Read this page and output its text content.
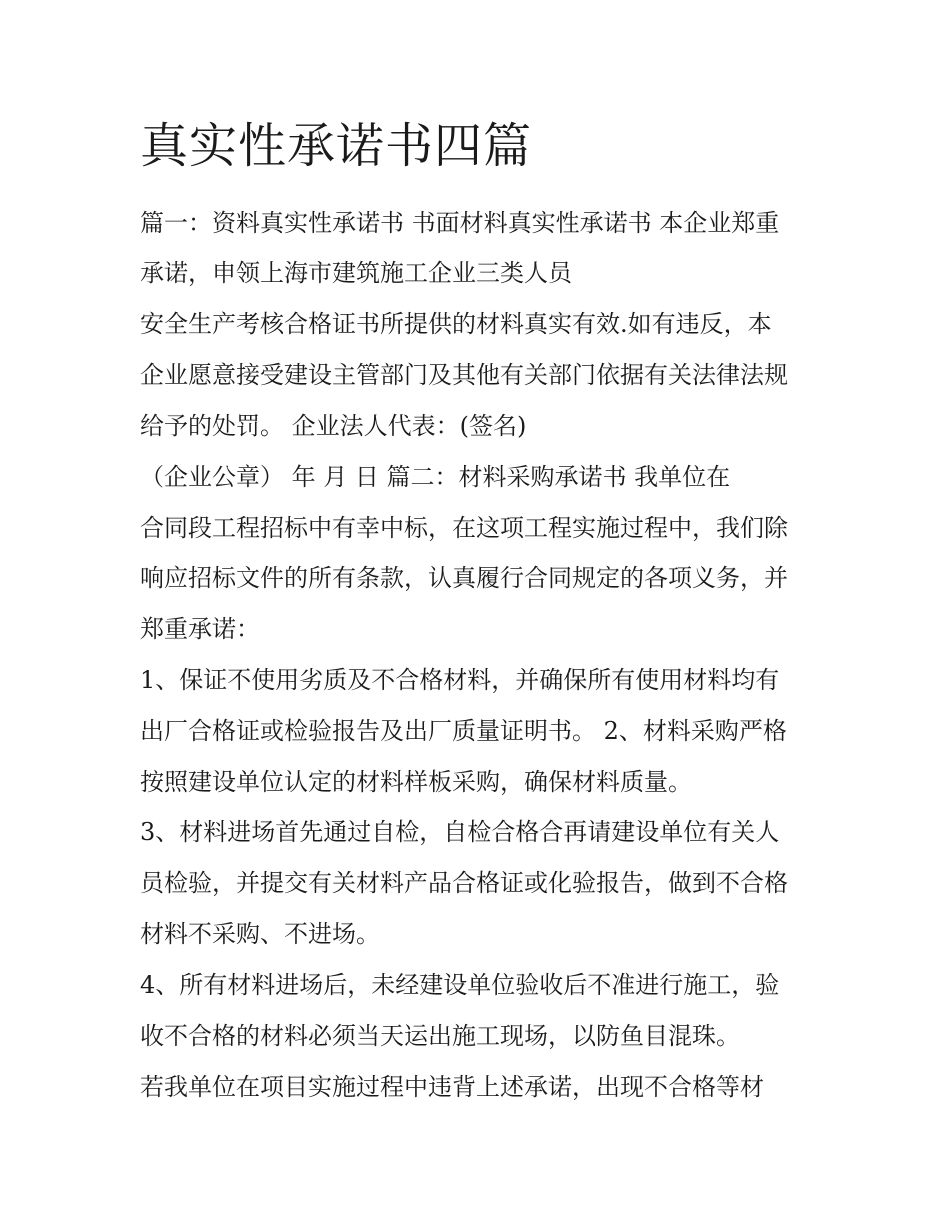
真实性承诺书四篇

篇一：资料真实性承诺书 书面材料真实性承诺书 本企业郑重

承诺，申领上海市建筑施工企业三类人员

安全生产考核合格证书所提供的材料真实有效.如有违反，本

企业愿意接受建设主管部门及其他有关部门依据有关法律法规

给予的处罚。 企业法人代表：(签名)

（企业公章） 年 月 日 篇二：材料采购承诺书 我单位在

合同段工程招标中有幸中标，在这项工程实施过程中，我们除

响应招标文件的所有条款，认真履行合同规定的各项义务，并

郑重承诺：

1、保证不使用劣质及不合格材料，并确保所有使用材料均有

出厂合格证或检验报告及出厂质量证明书。 2、材料采购严格

按照建设单位认定的材料样板采购，确保材料质量。

3、材料进场首先通过自检，自检合格合再请建设单位有关人

员检验，并提交有关材料产品合格证或化验报告，做到不合格

材料不采购、不进场。

4、所有材料进场后，未经建设单位验收后不准进行施工，验

收不合格的材料必须当天运出施工现场，以防鱼目混珠。

若我单位在项目实施过程中违背上述承诺，出现不合格等材
